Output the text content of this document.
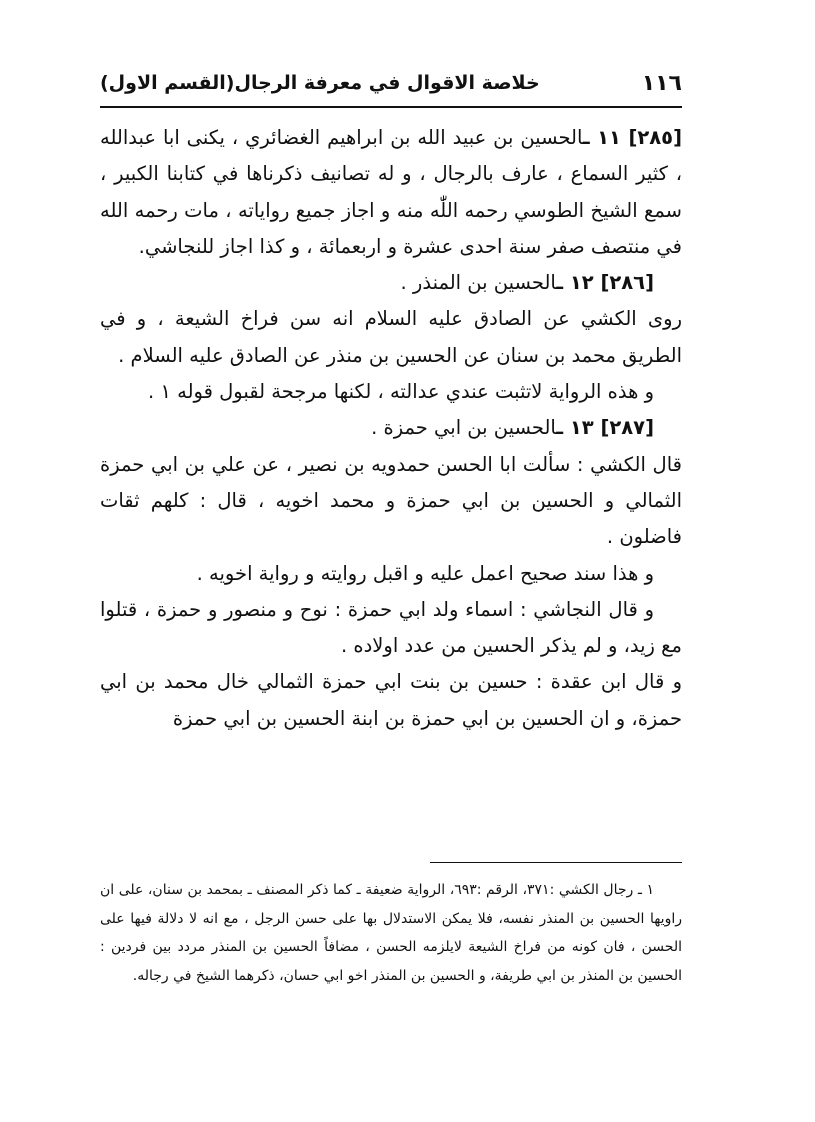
١١٦
خلاصة الاقوال في معرفة الرجال(القسم الاول)

[٢٨٥] ١١ ـالحسين بن عبيد الله بن ابراهيم الغضائري ، يكنى ابا عبدالله ، كثير السماع ، عارف بالرجال ، و له تصانيف ذكرناها في كتابنا الكبير ، سمع الشيخ الطوسي رحمه اللّٰه منه و اجاز جميع رواياته ، مات رحمه الله في منتصف صفر سنة احدى عشرة و اربعمائة ، و كذا اجاز للنجاشي.

[٢٨٦] ١٢ ـالحسين بن المنذر .

روى الكشي عن الصادق عليه السلام انه سن فراخ الشيعة ، و في الطريق محمد بن سنان عن الحسين بن منذر عن الصادق عليه السلام .

و هذه الرواية لاتثبت عندي عدالته ، لكنها مرجحة لقبول قوله ١ .

[٢٨٧] ١٣ ـالحسين بن ابي حمزة .

قال الكشي : سألت ابا الحسن حمدويه بن نصير ، عن علي بن ابي حمزة الثمالي و الحسين بن ابي حمزة و محمد اخويه ، قال : كلهم ثقات فاضلون .

و هذا سند صحيح اعمل عليه و اقبل روايته و رواية اخويه .

و قال النجاشي : اسماء ولد ابي حمزة : نوح و منصور و حمزة ، قتلوا مع زيد، و لم يذكر الحسين من عدد اولاده .

و قال ابن عقدة : حسين بن بنت ابي حمزة الثمالي خال محمد بن ابي حمزة، و ان الحسين بن ابي حمزة بن ابنة الحسين بن ابي حمزة

١ ـ رجال الكشي :٣٧١، الرقم :٦٩٣، الرواية ضعيفة ـ كما ذكر المصنف ـ بمحمد بن سنان، على ان راويها الحسين بن المنذر نفسه، فلا يمكن الاستدلال بها على حسن الرجل ، مع انه لا دلالة فيها على الحسن ، فان كونه من فراخ الشيعة لايلزمه الحسن ، مضافاً الحسين بن المنذر مردد بين فردين : الحسين بن المنذر بن ابي طريفة، و الحسين بن المنذر اخو ابي حسان، ذكرهما الشيخ في رجاله.
